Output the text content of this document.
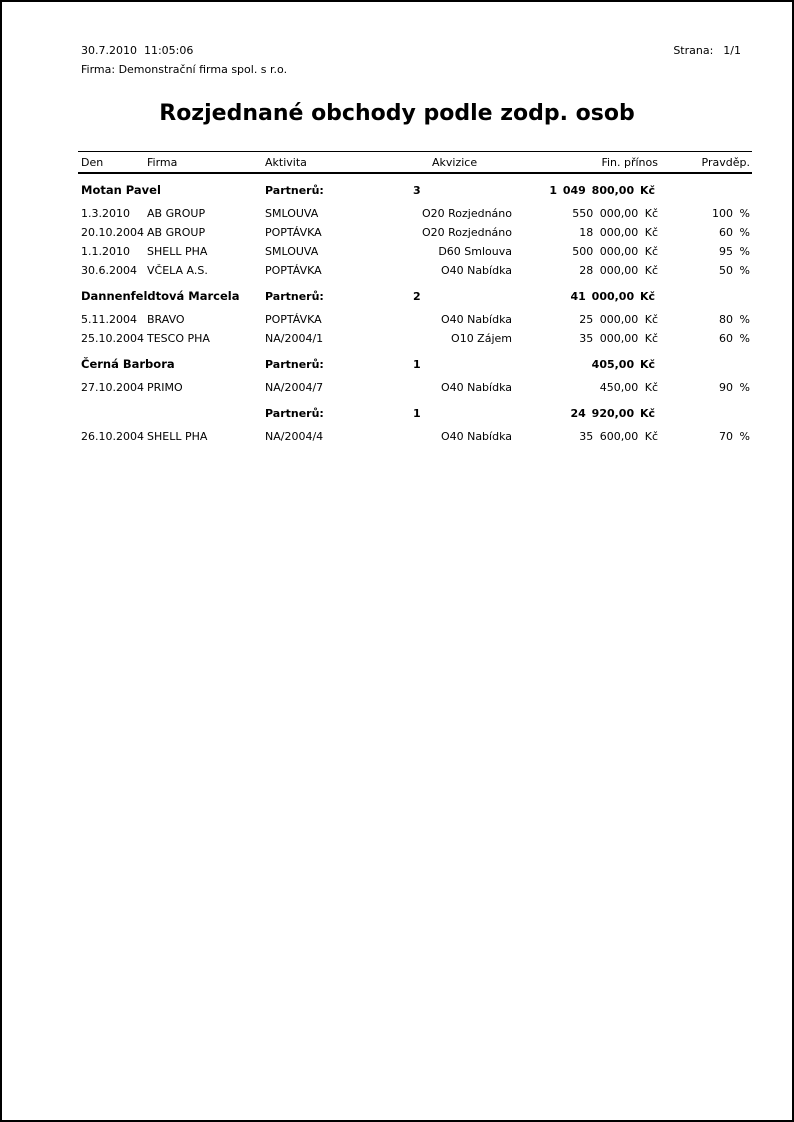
30.7.2010  11:05:06	Strana: 1/1
Firma: Demonstrační firma spol. s r.o.
Rozjednané obchody podle zodp. osob
Den	Firma	Aktivita	Akvizice	Fin. přínos	Pravděp.
Motan Pavel	Partnerů:	3	1 049 800,00 Kč
1.3.2010	AB GROUP	SMLOUVA	O20 Rozjednáno	550 000,00 Kč	100 %
20.10.2004 AB GROUP	POPTÁVKA	O20 Rozjednáno	18 000,00 Kč	60 %
1.1.2010	SHELL PHA	SMLOUVA	D60 Smlouva	500 000,00 Kč	95 %
30.6.2004 VČELA A.S.	POPTÁVKA	O40 Nabídka	28 000,00 Kč	50 %
Dannenfeldtová Marcela	Partnerů:	2	41 000,00 Kč
5.11.2004 BRAVO	POPTÁVKA	O40 Nabídka	25 000,00 Kč	80 %
25.10.2004 TESCO PHA	NA/2004/1	O10 Zájem	35 000,00 Kč	60 %
Černá Barbora	Partnerů:	1	405,00 Kč
27.10.2004 PRIMO	NA/2004/7	O40 Nabídka	450,00 Kč	90 %
Partnerů:	1	24 920,00 Kč
26.10.2004 SHELL PHA	NA/2004/4	O40 Nabídka	35 600,00 Kč	70 %
